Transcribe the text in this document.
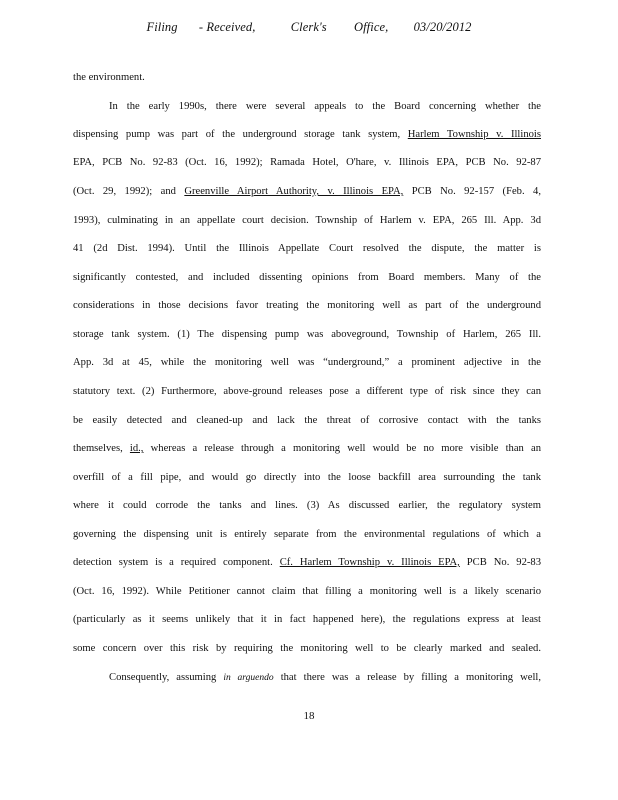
Filing - Received,	Clerk's Office, 03/20/2012
the environment.
In the early 1990s, there were several appeals to the Board concerning whether the
dispensing pump was part of the underground storage tank system, Harlem Township v. Illinois
EPA, PCB No. 92-83 (Oct. 16, 1992); Ramada Hotel, O'hare, v. Illinois EPA, PCB No. 92-87
(Oct. 29, 1992); and Greenville Airport Authority, v. Illinois EPA, PCB No. 92-157 (Feb. 4,
1993), culminating in an appellate court decision. Township of Harlem v. EPA, 265 Ill. App. 3d
41 (2d Dist. 1994). Until the Illinois Appellate Court resolved the dispute, the matter is
significantly contested, and included dissenting opinions from Board members. Many of the
considerations in those decisions favor treating the monitoring well as part of the underground
storage tank system. (1) The dispensing pump was aboveground, Township of Harlem, 265 Ill.
App. 3d at 45, while the monitoring well was “underground,” a prominent adjective in the
statutory text. (2) Furthermore, above-ground releases pose a different type of risk since they can
be easily detected and cleaned-up and lack the threat of corrosive contact with the tanks
themselves, id., whereas a release through a monitoring well would be no more visible than an
overfill of a fill pipe, and would go directly into the loose backfill area surrounding the tank
where it could corrode the tanks and lines. (3) As discussed earlier, the regulatory system
governing the dispensing unit is entirely separate from the environmental regulations of which a
detection system is a required component. Cf. Harlem Township v. Illinois EPA, PCB No. 92-83
(Oct. 16, 1992). While Petitioner cannot claim that filling a monitoring well is a likely scenario
(particularly as it seems unlikely that it in fact happened here), the regulations express at least
some concern over this risk by requiring the monitoring well to be clearly marked and sealed.
Consequently, assuming in arguendo that there was a release by filling a monitoring well,
18
